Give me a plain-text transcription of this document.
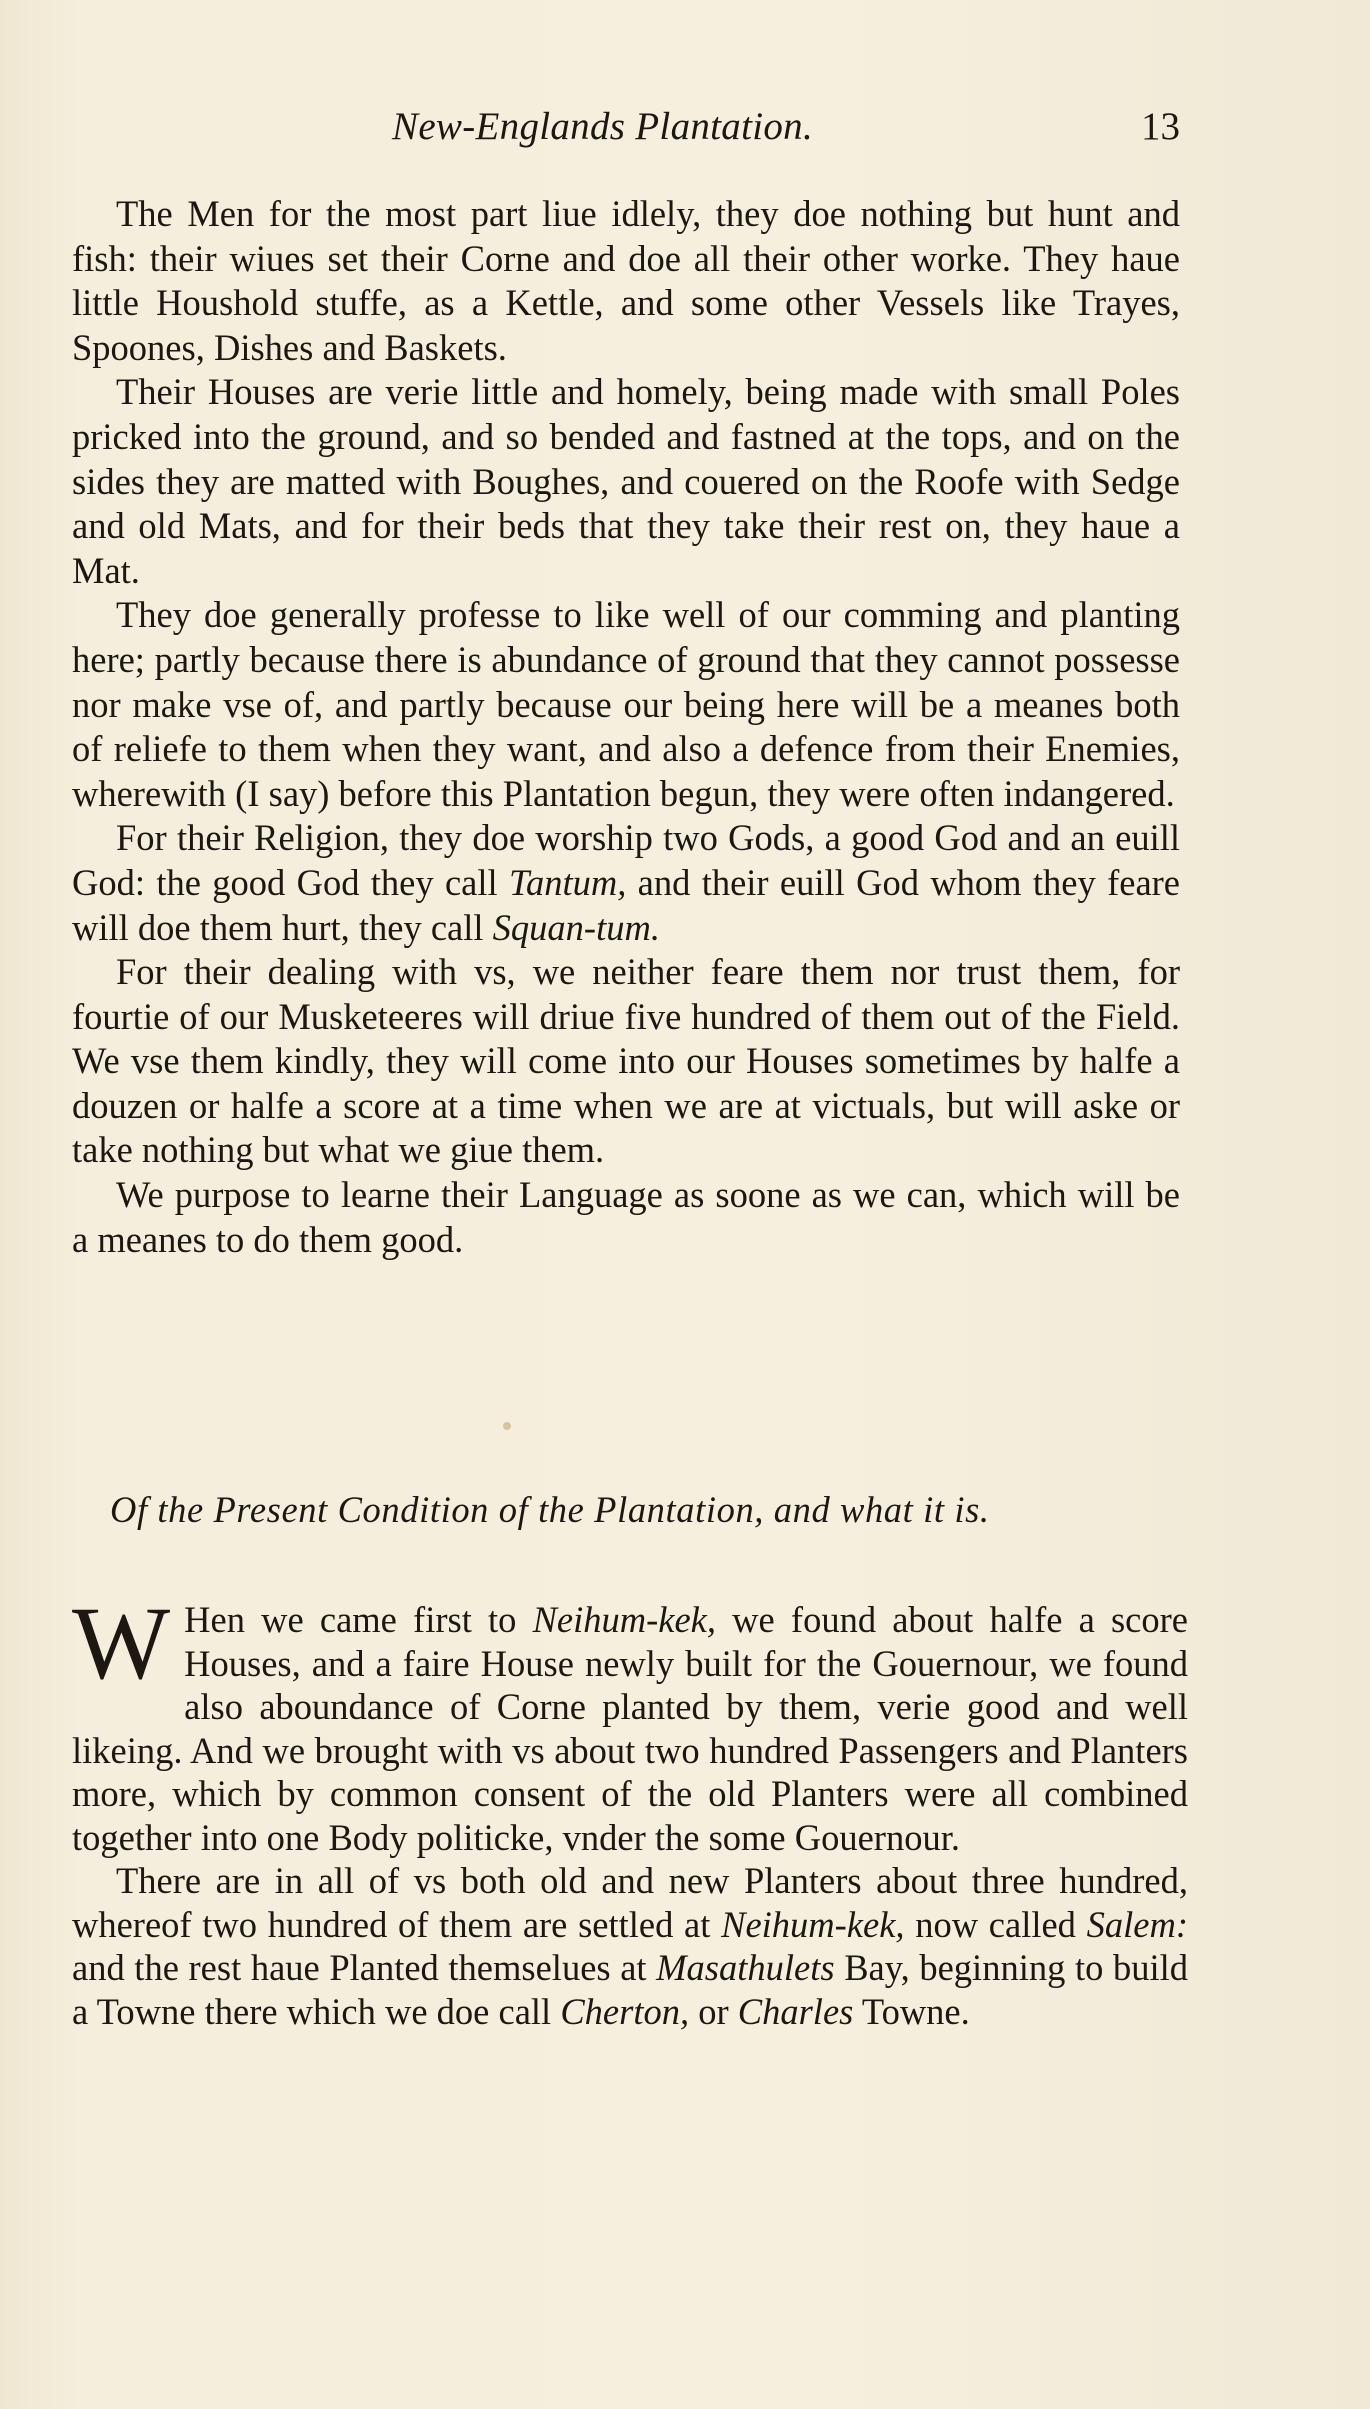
New-Englands Plantation.	13

The Men for the most part liue idlely, they doe nothing but hunt and fish: their wiues set their Corne and doe all their other worke. They haue little Houshold stuffe, as a Kettle, and some other Vessels like Trayes, Spoones, Dishes and Baskets.

Their Houses are verie little and homely, being made with small Poles pricked into the ground, and so bended and fastned at the tops, and on the sides they are matted with Boughes, and couered on the Roofe with Sedge and old Mats, and for their beds that they take their rest on, they haue a Mat.

They doe generally professe to like well of our comming and planting here; partly because there is abundance of ground that they cannot possesse nor make vse of, and partly because our being here will be a meanes both of reliefe to them when they want, and also a defence from their Enemies, wherewith (I say) before this Plantation begun, they were often indangered.

For their Religion, they doe worship two Gods, a good God and an euill God: the good God they call Tantum, and their euill God whom they feare will doe them hurt, they call Squan-tum.

For their dealing with vs, we neither feare them nor trust them, for fourtie of our Musketeeres will driue five hundred of them out of the Field. We vse them kindly, they will come into our Houses sometimes by halfe a douzen or halfe a score at a time when we are at victuals, but will aske or take nothing but what we giue them.

We purpose to learne their Language as soone as we can, which will be a meanes to do them good.

Of the Present Condition of the Plantation, and what it is.

W Hen we came first to Neihum-kek, we found about halfe a score Houses, and a faire House newly built for the Gouernour, we found also aboundance of Corne planted by them, verie good and well likeing. And we brought with vs about two hundred Passengers and Planters more, which by common consent of the old Planters were all combined together into one Body politicke, vnder the some Gouernour.

There are in all of vs both old and new Planters about three hundred, whereof two hundred of them are settled at Neihum-kek, now called Salem: and the rest haue Planted themselues at Masathulets Bay, beginning to build a Towne there which we doe call Cherton, or Charles Towne.
